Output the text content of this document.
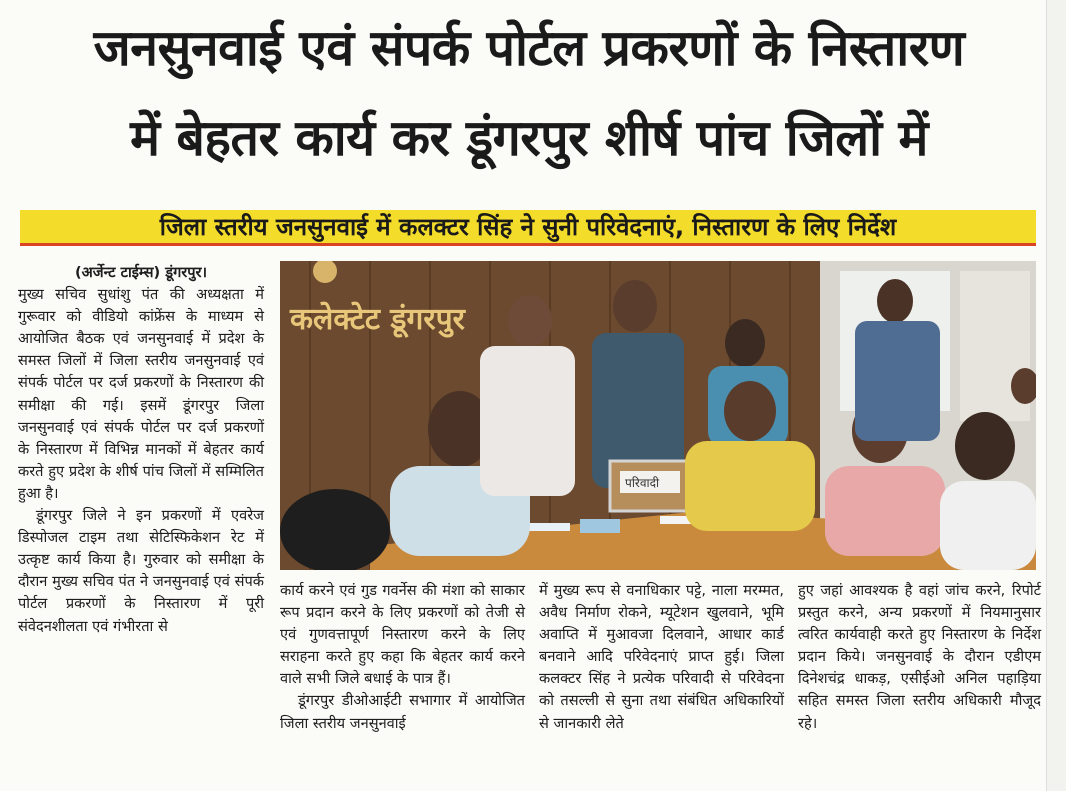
जनसुनवाई एवं संपर्क पोर्टल प्रकरणों के निस्तारण
में बेहतर कार्य कर डूंगरपुर शीर्ष पांच जिलों में
जिला स्तरीय जनसुनवाई में कलक्टर सिंह ने सुनी परिवेदनाएं, निस्तारण के लिए निर्देश

(अर्जेन्ट टाईम्स) डूंगरपुर।

मुख्य सचिव सुधांशु पंत की अध्यक्षता में गुरूवार को वीडियो कांफ्रेंस के माध्यम से आयोजित बैठक एवं जनसुनवाई में प्रदेश के समस्त जिलों में जिला स्तरीय जनसुनवाई एवं संपर्क पोर्टल पर दर्ज प्रकरणों के निस्तारण की समीक्षा की गई। इसमें डूंगरपुर जिला जनसुनवाई एवं संपर्क पोर्टल पर दर्ज प्रकरणों के निस्तारण में विभिन्न मानकों में बेहतर कार्य करते हुए प्रदेश के शीर्ष पांच जिलों में सम्मिलित हुआ है।

डूंगरपुर जिले ने इन प्रकरणों में एवरेज डिस्पोजल टाइम तथा सेटिस्फिकेशन रेट में उत्कृष्ट कार्य किया है। गुरुवार को समीक्षा के दौरान मुख्य सचिव पंत ने जनसुनवाई एवं संपर्क पोर्टल प्रकरणों के निस्तारण में पूरी संवेदनशीलता एवं गंभीरता से

कलेक्टेट डूंगरपुर
परिवादी

कार्य करने एवं गुड गवर्नेस की मंशा को साकार रूप प्रदान करने के लिए प्रकरणों को तेजी से एवं गुणवत्तापूर्ण निस्तारण करने के लिए सराहना करते हुए कहा कि बेहतर कार्य करने वाले सभी जिले बधाई के पात्र हैं।

डूंगरपुर डीओआईटी सभागार में आयोजित जिला स्तरीय जनसुनवाई

में मुख्य रूप से वनाधिकार पट्टे, नाला मरम्मत, अवैध निर्माण रोकने, म्यूटेशन खुलवाने, भूमि अवाप्ति में मुआवजा दिलवाने, आधार कार्ड बनवाने आदि परिवेदनाएं प्राप्त हुई। जिला कलक्टर सिंह ने प्रत्येक परिवादी से परिवेदना को तसल्ली से सुना तथा संबंधित अधिकारियों से जानकारी लेते

हुए जहां आवश्यक है वहां जांच करने, रिपोर्ट प्रस्तुत करने, अन्य प्रकरणों में नियमानुसार त्वरित कार्यवाही करते हुए निस्तारण के निर्देश प्रदान किये। जनसुनवाई के दौरान एडीएम दिनेशचंद्र धाकड़, एसीईओ अनिल पहाड़िया सहित समस्त जिला स्तरीय अधिकारी मौजूद रहे।
